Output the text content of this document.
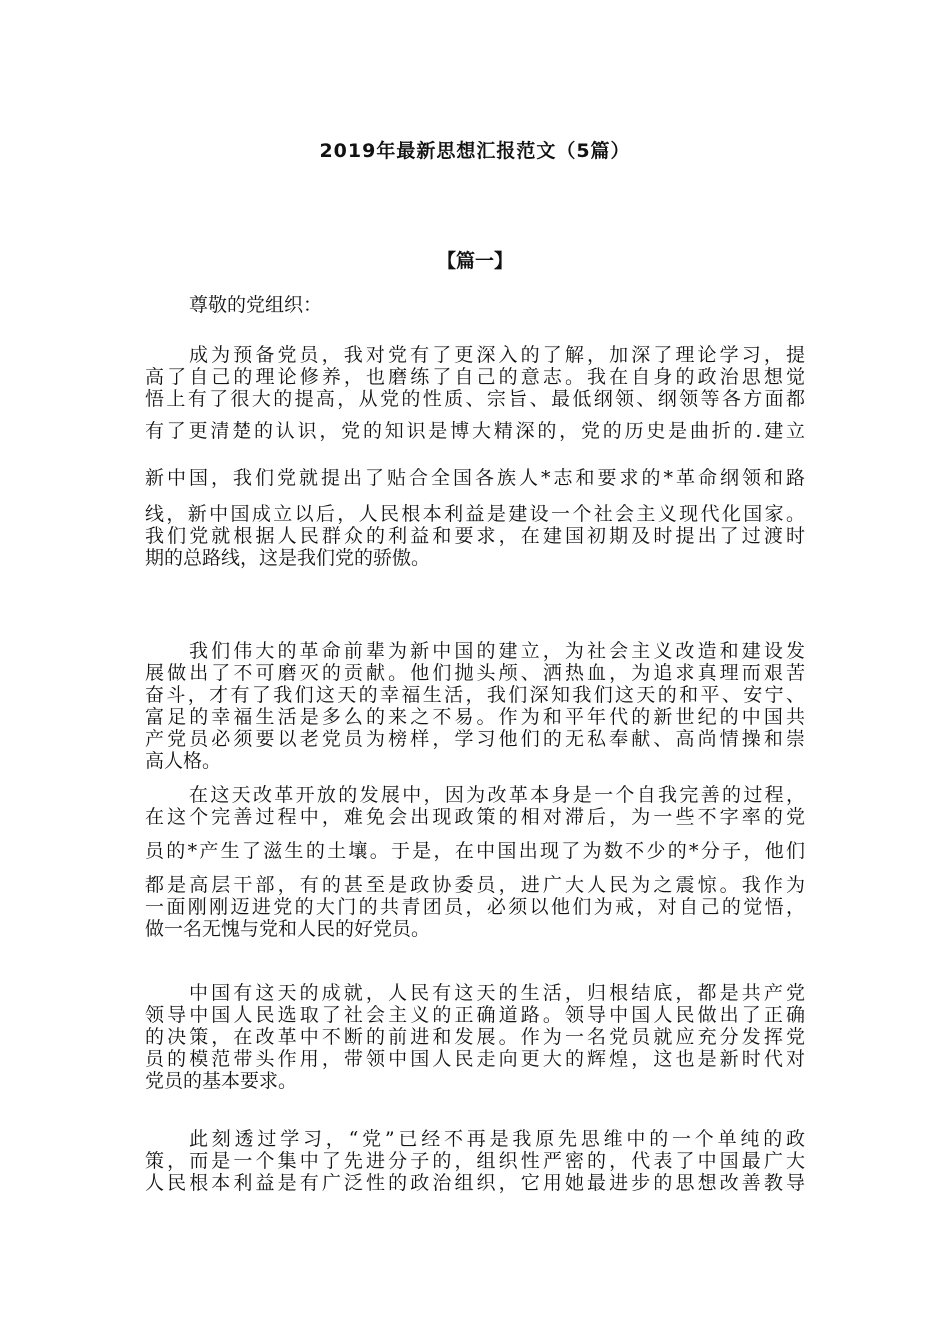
2019年最新思想汇报范文（5篇）
【篇一】

尊敬的党组织：

成为预备党员，我对党有了更深入的了解，加深了理论学习，提
高了自己的理论修养，也磨练了自己的意志。我在自身的政治思想觉
悟上有了很大的提高，从党的性质、宗旨、最低纲领、纲领等各方面都
有了更清楚的认识，党的知识是博大精深的，党的历史是曲折的.建立
新中国，我们党就提出了贴合全国各族人*志和要求的*革命纲领和路
线，新中国成立以后，人民根本利益是建设一个社会主义现代化国家。
我们党就根据人民群众的利益和要求，在建国初期及时提出了过渡时
期的总路线，这是我们党的骄傲。

我们伟大的革命前辈为新中国的建立，为社会主义改造和建设发
展做出了不可磨灭的贡献。他们抛头颅、洒热血，为追求真理而艰苦
奋斗，才有了我们这天的幸福生活，我们深知我们这天的和平、安宁、
富足的幸福生活是多么的来之不易。作为和平年代的新世纪的中国共
产党员必须要以老党员为榜样，学习他们的无私奉献、高尚情操和崇
高人格。

在这天改革开放的发展中，因为改革本身是一个自我完善的过程，
在这个完善过程中，难免会出现政策的相对滞后，为一些不字率的党
员的*产生了滋生的土壤。于是，在中国出现了为数不少的*分子，他们
都是高层干部，有的甚至是政协委员，进广大人民为之震惊。我作为
一面刚刚迈进党的大门的共青团员，必须以他们为戒，对自己的觉悟，
做一名无愧与党和人民的好党员。

中国有这天的成就，人民有这天的生活，归根结底，都是共产党
领导中国人民选取了社会主义的正确道路。领导中国人民做出了正确
的决策，在改革中不断的前进和发展。作为一名党员就应充分发挥党
员的模范带头作用，带领中国人民走向更大的辉煌，这也是新时代对
党员的基本要求。

此刻透过学习，“党”已经不再是我原先思维中的一个单纯的政
策，而是一个集中了先进分子的，组织性严密的，代表了中国最广大
人民根本利益是有广泛性的政治组织，它用她最进步的思想改善教导
